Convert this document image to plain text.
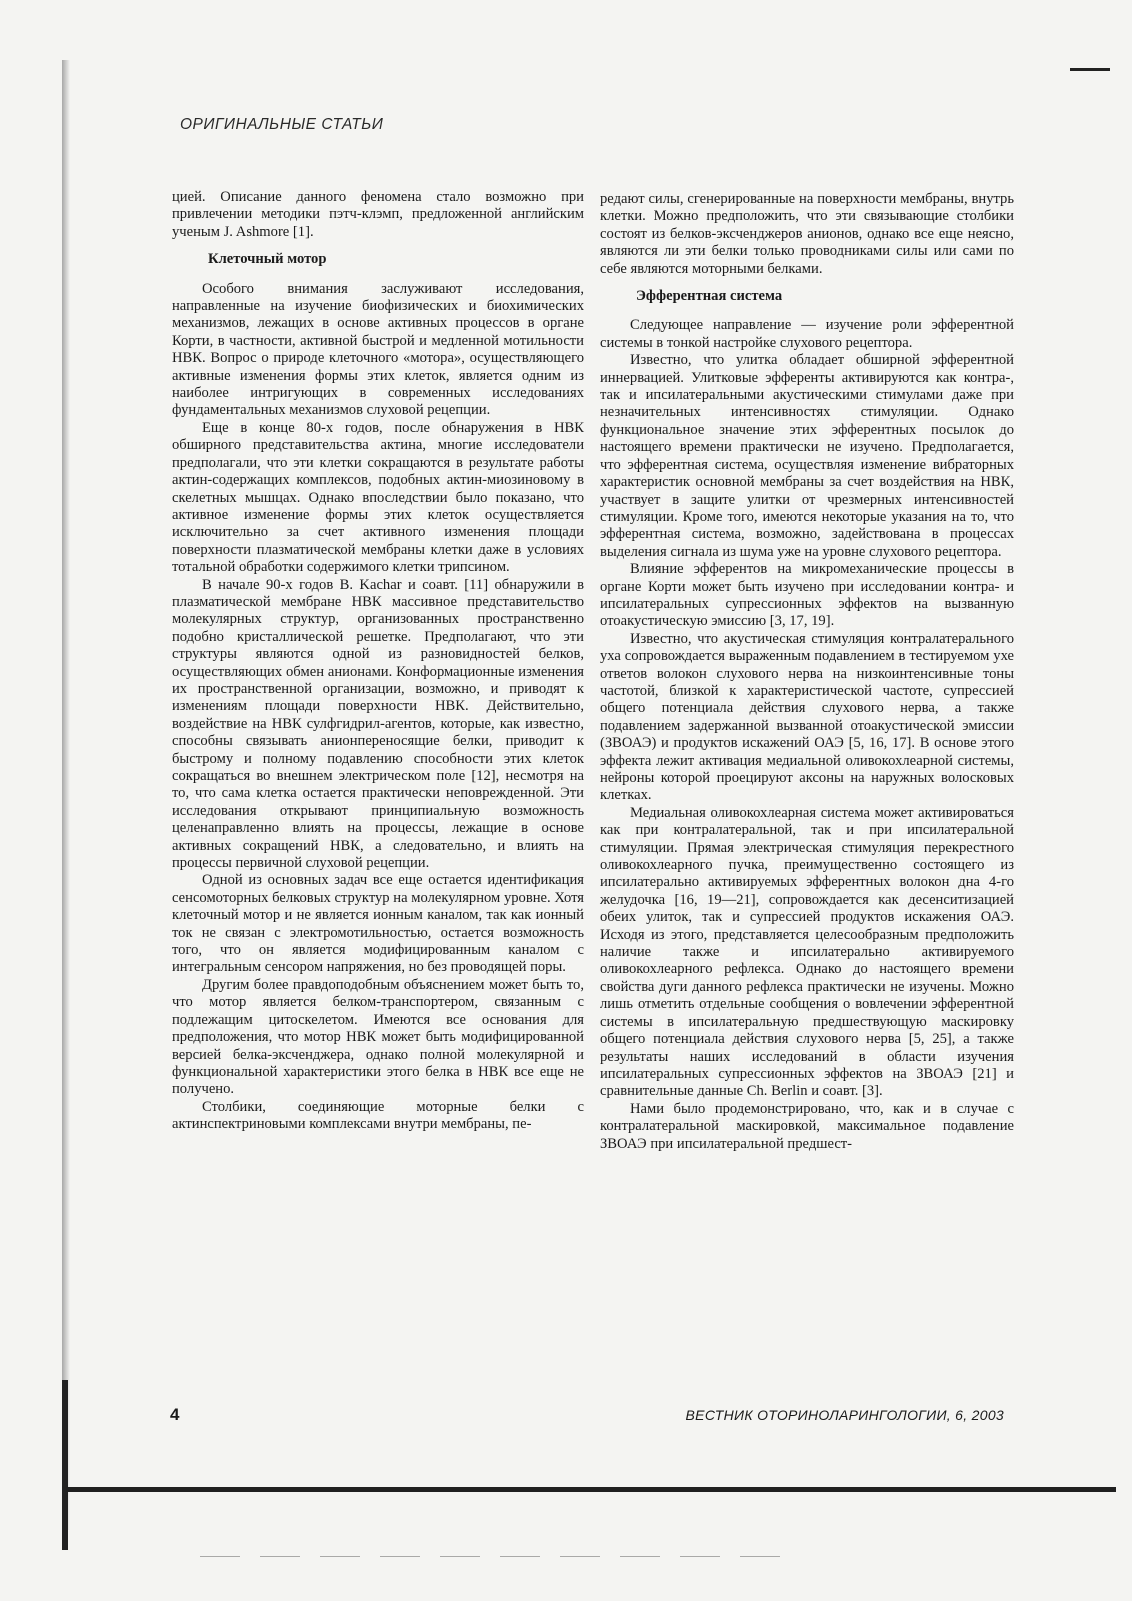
ОРИГИНАЛЬНЫЕ СТАТЬИ

цией. Описание данного феномена стало возможно при привлечении методики пэтч-клэмп, предложенной английским ученым J. Ashmore [1].

Клеточный мотор

Особого внимания заслуживают исследования, направленные на изучение биофизических и биохимических механизмов, лежащих в основе активных процессов в органе Корти, в частности, активной быстрой и медленной мотильности НВК. Вопрос о природе клеточного «мотора», осуществляющего активные изменения формы этих клеток, является одним из наиболее интригующих в современных исследованиях фундаментальных механизмов слуховой рецепции.

Еще в конце 80-х годов, после обнаружения в НВК обширного представительства актина, многие исследователи предполагали, что эти клетки сокращаются в результате работы актин-содержащих комплексов, подобных актин-миозиновому в скелетных мышцах. Однако впоследствии было показано, что активное изменение формы этих клеток осуществляется исключительно за счет активного изменения площади поверхности плазматической мембраны клетки даже в условиях тотальной обработки содержимого клетки трипсином.

В начале 90-х годов B. Kachar и соавт. [11] обнаружили в плазматической мембране НВК массивное представительство молекулярных структур, организованных пространственно подобно кристаллической решетке. Предполагают, что эти структуры являются одной из разновидностей белков, осуществляющих обмен анионами. Конформационные изменения их пространственной организации, возможно, и приводят к изменениям площади поверхности НВК. Действительно, воздействие на НВК сулфгидрил-агентов, которые, как известно, способны связывать анионпереносящие белки, приводит к быстрому и полному подавлению способности этих клеток сокращаться во внешнем электрическом поле [12], несмотря на то, что сама клетка остается практически неповрежденной. Эти исследования открывают принципиальную возможность целенаправленно влиять на процессы, лежащие в основе активных сокращений НВК, а следовательно, и влиять на процессы первичной слуховой рецепции.

Одной из основных задач все еще остается идентификация сенсомоторных белковых структур на молекулярном уровне. Хотя клеточный мотор и не является ионным каналом, так как ионный ток не связан с электромотильностью, остается возможность того, что он является модифицированным каналом с интегральным сенсором напряжения, но без проводящей поры.

Другим более правдоподобным объяснением может быть то, что мотор является белком-транспортером, связанным с подлежащим цитоскелетом. Имеются все основания для предположения, что мотор НВК может быть модифицированной версией белка-эксченджера, однако полной молекулярной и функциональной характеристики этого белка в НВК все еще не получено.

Столбики, соединяющие моторные белки с актинспектриновыми комплексами внутри мембраны, пе-

редают силы, сгенерированные на поверхности мембраны, внутрь клетки. Можно предположить, что эти связывающие столбики состоят из белков-эксченджеров анионов, однако все еще неясно, являются ли эти белки только проводниками силы или сами по себе являются моторными белками.

Эфферентная система

Следующее направление — изучение роли эфферентной системы в тонкой настройке слухового рецептора.

Известно, что улитка обладает обширной эфферентной иннервацией. Улитковые эфференты активируются как контра-, так и ипсилатеральными акустическими стимулами даже при незначительных интенсивностях стимуляции. Однако функциональное значение этих эфферентных посылок до настоящего времени практически не изучено. Предполагается, что эфферентная система, осуществляя изменение вибраторных характеристик основной мембраны за счет воздействия на НВК, участвует в защите улитки от чрезмерных интенсивностей стимуляции. Кроме того, имеются некоторые указания на то, что эфферентная система, возможно, задействована в процессах выделения сигнала из шума уже на уровне слухового рецептора.

Влияние эфферентов на микромеханические процессы в органе Корти может быть изучено при исследовании контра- и ипсилатеральных супрессионных эффектов на вызванную отоакустическую эмиссию [3, 17, 19].

Известно, что акустическая стимуляция контралатерального уха сопровождается выраженным подавлением в тестируемом ухе ответов волокон слухового нерва на низкоинтенсивные тоны частотой, близкой к характеристической частоте, супрессией общего потенциала действия слухового нерва, а также подавлением задержанной вызванной отоакустической эмиссии (ЗВОАЭ) и продуктов искажений ОАЭ [5, 16, 17]. В основе этого эффекта лежит активация медиальной оливокохлеарной системы, нейроны которой проецируют аксоны на наружных волосковых клетках.

Медиальная оливокохлеарная система может активироваться как при контралатеральной, так и при ипсилатеральной стимуляции. Прямая электрическая стимуляция перекрестного оливокохлеарного пучка, преимущественно состоящего из ипсилатерально активируемых эфферентных волокон дна 4-го желудочка [16, 19—21], сопровождается как десенситизацией обеих улиток, так и супрессией продуктов искажения ОАЭ. Исходя из этого, представляется целесообразным предположить наличие также и ипсилатерально активируемого оливокохлеарного рефлекса. Однако до настоящего времени свойства дуги данного рефлекса практически не изучены. Можно лишь отметить отдельные сообщения о вовлечении эфферентной системы в ипсилатеральную предшествующую маскировку общего потенциала действия слухового нерва [5, 25], а также результаты наших исследований в области изучения ипсилатеральных супрессионных эффектов на ЗВОАЭ [21] и сравнительные данные Ch. Berlin и соавт. [3].

Нами было продемонстрировано, что, как и в случае с контралатеральной маскировкой, максимальное подавление ЗВОАЭ при ипсилатеральной предшест-

4	ВЕСТНИК ОТОРИНОЛАРИНГОЛОГИИ, 6, 2003
